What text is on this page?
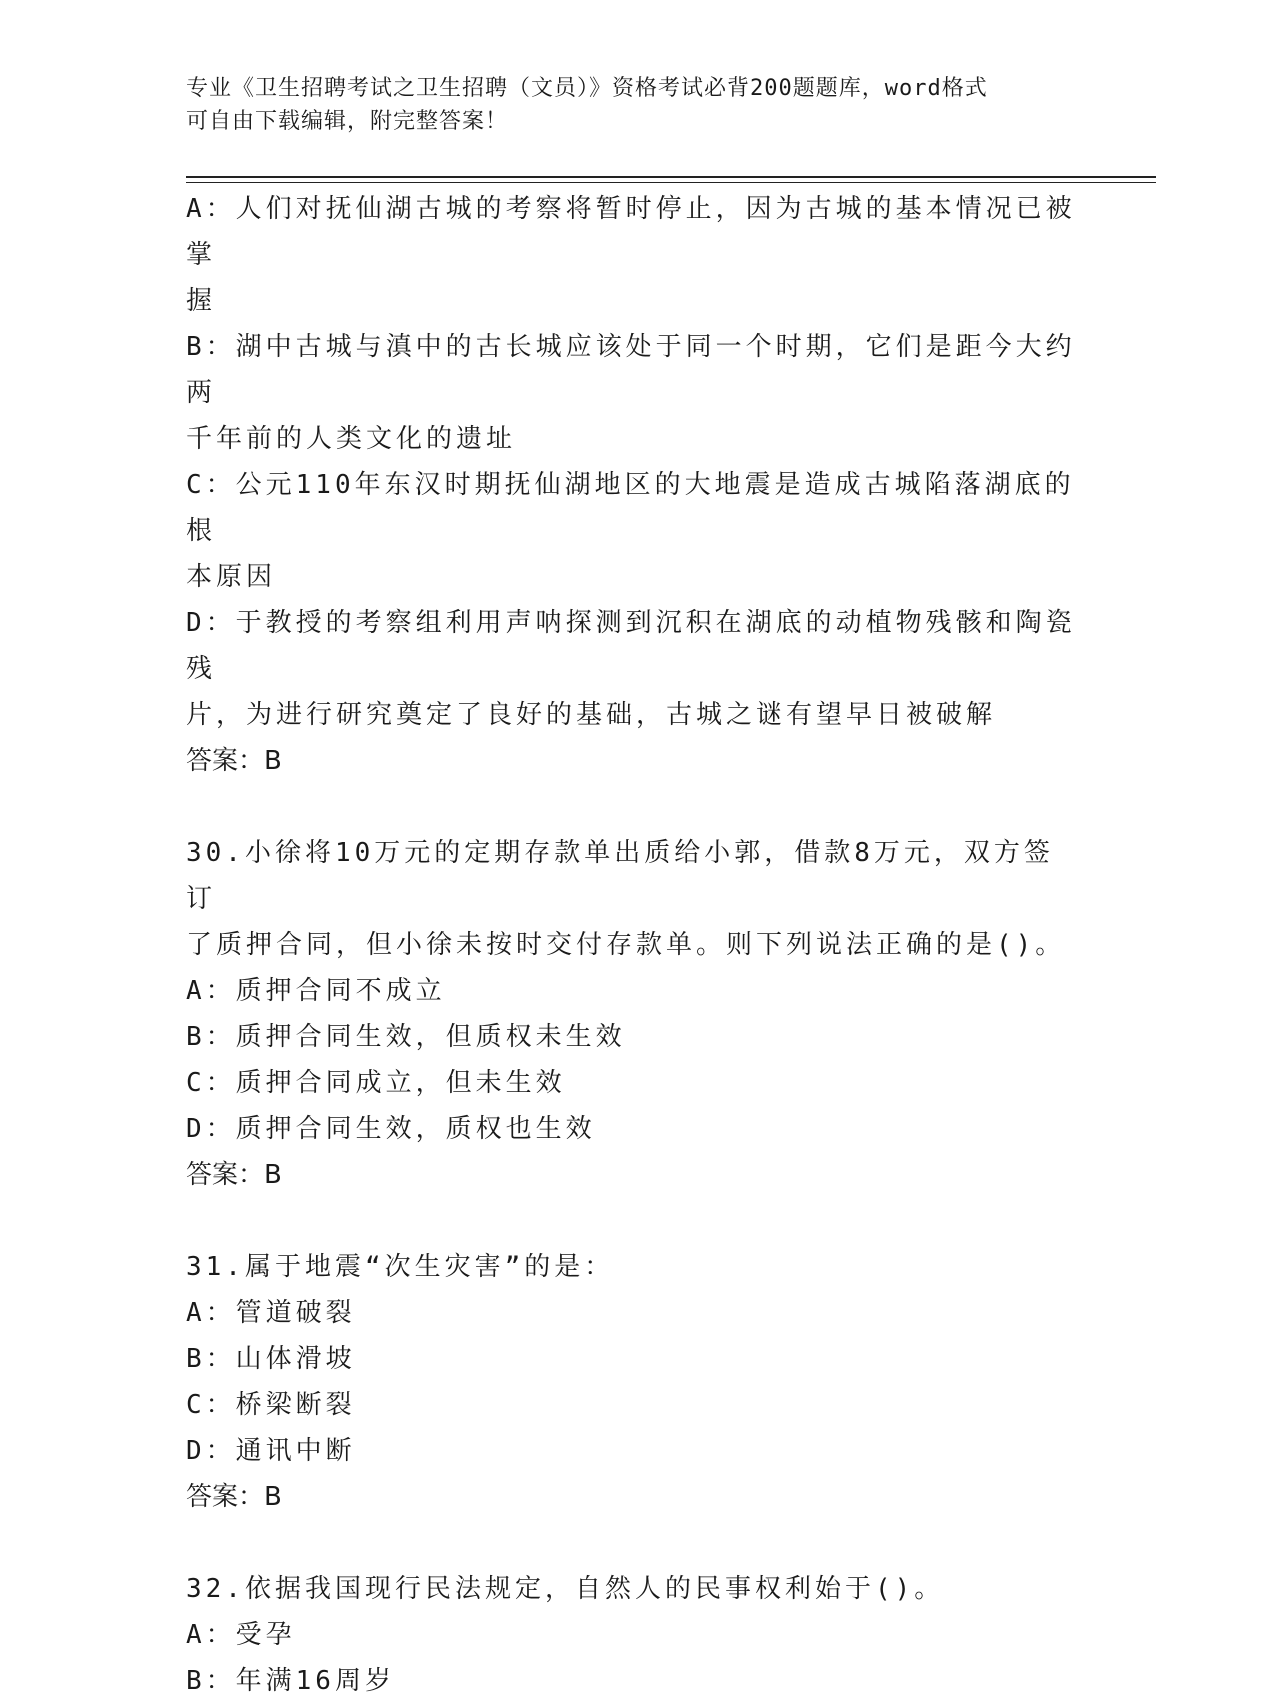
专业《卫生招聘考试之卫生招聘（文员）》资格考试必背200题题库，word格式
可自由下载编辑，附完整答案！
A：人们对抚仙湖古城的考察将暂时停止，因为古城的基本情况已被掌
握
B：湖中古城与滇中的古长城应该处于同一个时期，它们是距今大约两
千年前的人类文化的遗址
C：公元110年东汉时期抚仙湖地区的大地震是造成古城陷落湖底的根
本原因
D：于教授的考察组利用声呐探测到沉积在湖底的动植物残骸和陶瓷残
片，为进行研究奠定了良好的基础，古城之谜有望早日被破解
答案：B
30.小徐将10万元的定期存款单出质给小郭，借款8万元，双方签订
了质押合同，但小徐未按时交付存款单。则下列说法正确的是()。
A：质押合同不成立
B：质押合同生效，但质权未生效
C：质押合同成立，但未生效
D：质押合同生效，质权也生效
答案：B
31.属于地震“次生灾害”的是：
A：管道破裂
B：山体滑坡
C：桥梁断裂
D：通讯中断
答案：B
32.依据我国现行民法规定，自然人的民事权利始于()。
A：受孕
B：年满16周岁
